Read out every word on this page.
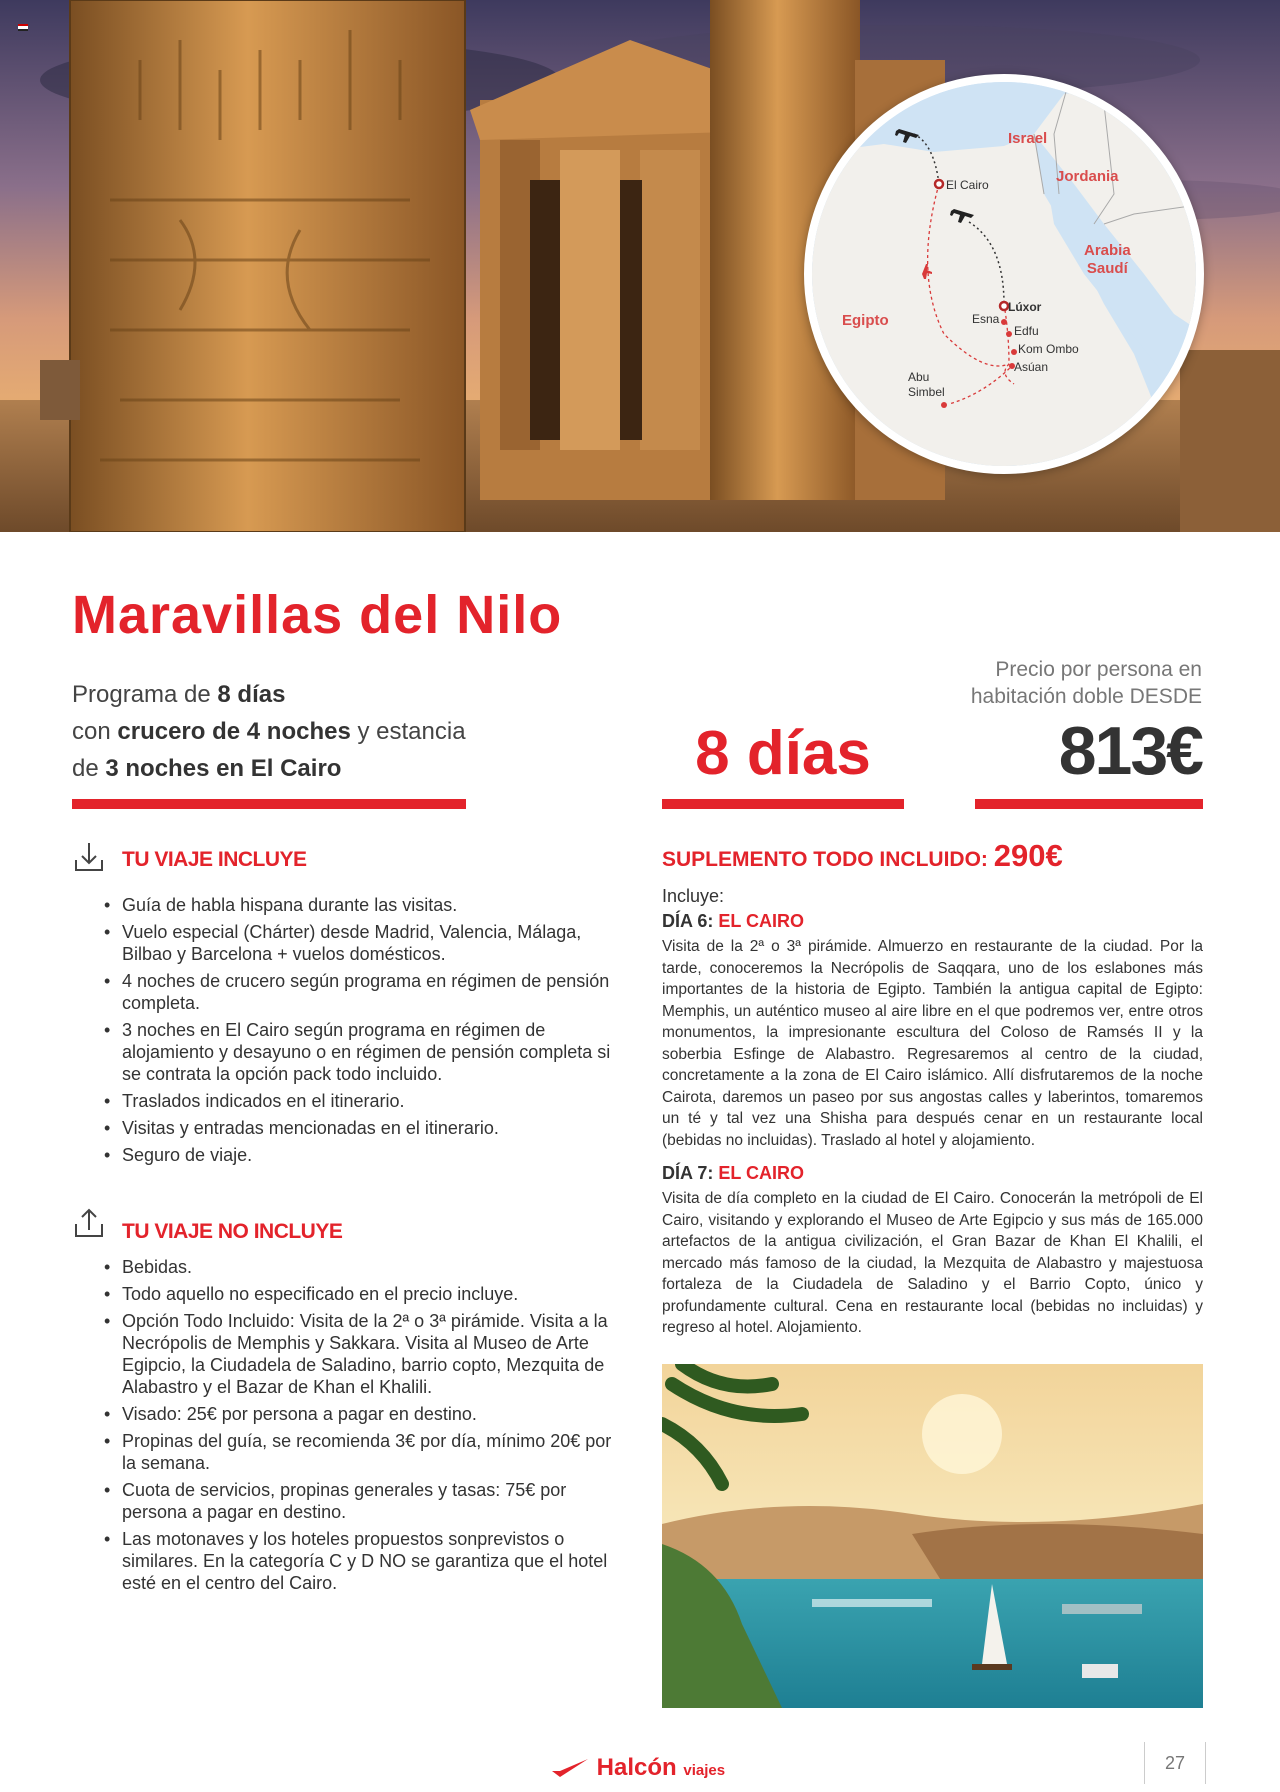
Israel
Jordania
Arabia
Saudí
Egipto
El Cairo
Lúxor
Esna
Edfu
Kom Ombo
Asúan
Abu
Simbel
Maravillas del Nilo
Programa de 8 días
con crucero de 4 noches y estancia
de 3 noches en El Cairo
Precio por persona en habitación doble DESDE
8 días	813€
TU VIAJE INCLUYE
• Guía de habla hispana durante las visitas.
• Vuelo especial (Chárter) desde Madrid, Valencia, Málaga, Bilbao y Barcelona + vuelos domésticos.
• 4 noches de crucero según programa en régimen de pensión completa.
• 3 noches en El Cairo según programa en régimen de alojamiento y desayuno o en régimen de pensión completa si se contrata la opción pack todo incluido.
• Traslados indicados en el itinerario.
• Visitas y entradas mencionadas en el itinerario.
• Seguro de viaje.
TU VIAJE NO INCLUYE
• Bebidas.
• Todo aquello no especificado en el precio incluye.
• Opción Todo Incluido: Visita de la 2ª o 3ª pirámide. Visita a la Necrópolis de Memphis y Sakkara. Visita al Museo de Arte Egipcio, la Ciudadela de Saladino, barrio copto, Mezquita de Alabastro y el Bazar de Khan el Khalili.
• Visado: 25€ por persona a pagar en destino.
• Propinas del guía, se recomienda 3€ por día, mínimo 20€ por la semana.
• Cuota de servicios, propinas generales y tasas: 75€ por persona a pagar en destino.
• Las motonaves y los hoteles propuestos sonprevistos o similares. En la categoría C y D NO se garantiza que el hotel esté en el centro del Cairo.
SUPLEMENTO TODO INCLUIDO: 290€
Incluye:
DÍA 6: EL CAIRO

Visita de la 2ª o 3ª pirámide. Almuerzo en restaurante de la ciudad. Por la tarde, conoceremos la Necrópolis de Saqqara, uno de los eslabones más importantes de la historia de Egipto. También la antigua capital de Egipto: Memphis, un auténtico museo al aire libre en el que podremos ver, entre otros monumentos, la impresionante escultura del Coloso de Ramsés II y la soberbia Esfinge de Alabastro. Regresaremos al centro de la ciudad, concretamente a la zona de El Cairo islámico. Allí disfrutaremos de la noche Cairota, daremos un paseo por sus angostas calles y laberintos, tomaremos un té y tal vez una Shisha para después cenar en un restaurante local (bebidas no incluidas). Traslado al hotel y alojamiento.

DÍA 7: EL CAIRO

Visita de día completo en la ciudad de El Cairo. Conocerán la metrópoli de El Cairo, visitando y explorando el Museo de Arte Egipcio y sus más de 165.000 artefactos de la antigua civilización, el Gran Bazar de Khan El Khalili, el mercado más famoso de la ciudad, la Mezquita de Alabastro y majestuosa fortaleza de la Ciudadela de Saladino y el Barrio Copto, único y profundamente cultural. Cena en restaurante local (bebidas no incluidas) y regreso al hotel. Alojamiento.

Halcón viajes	27
